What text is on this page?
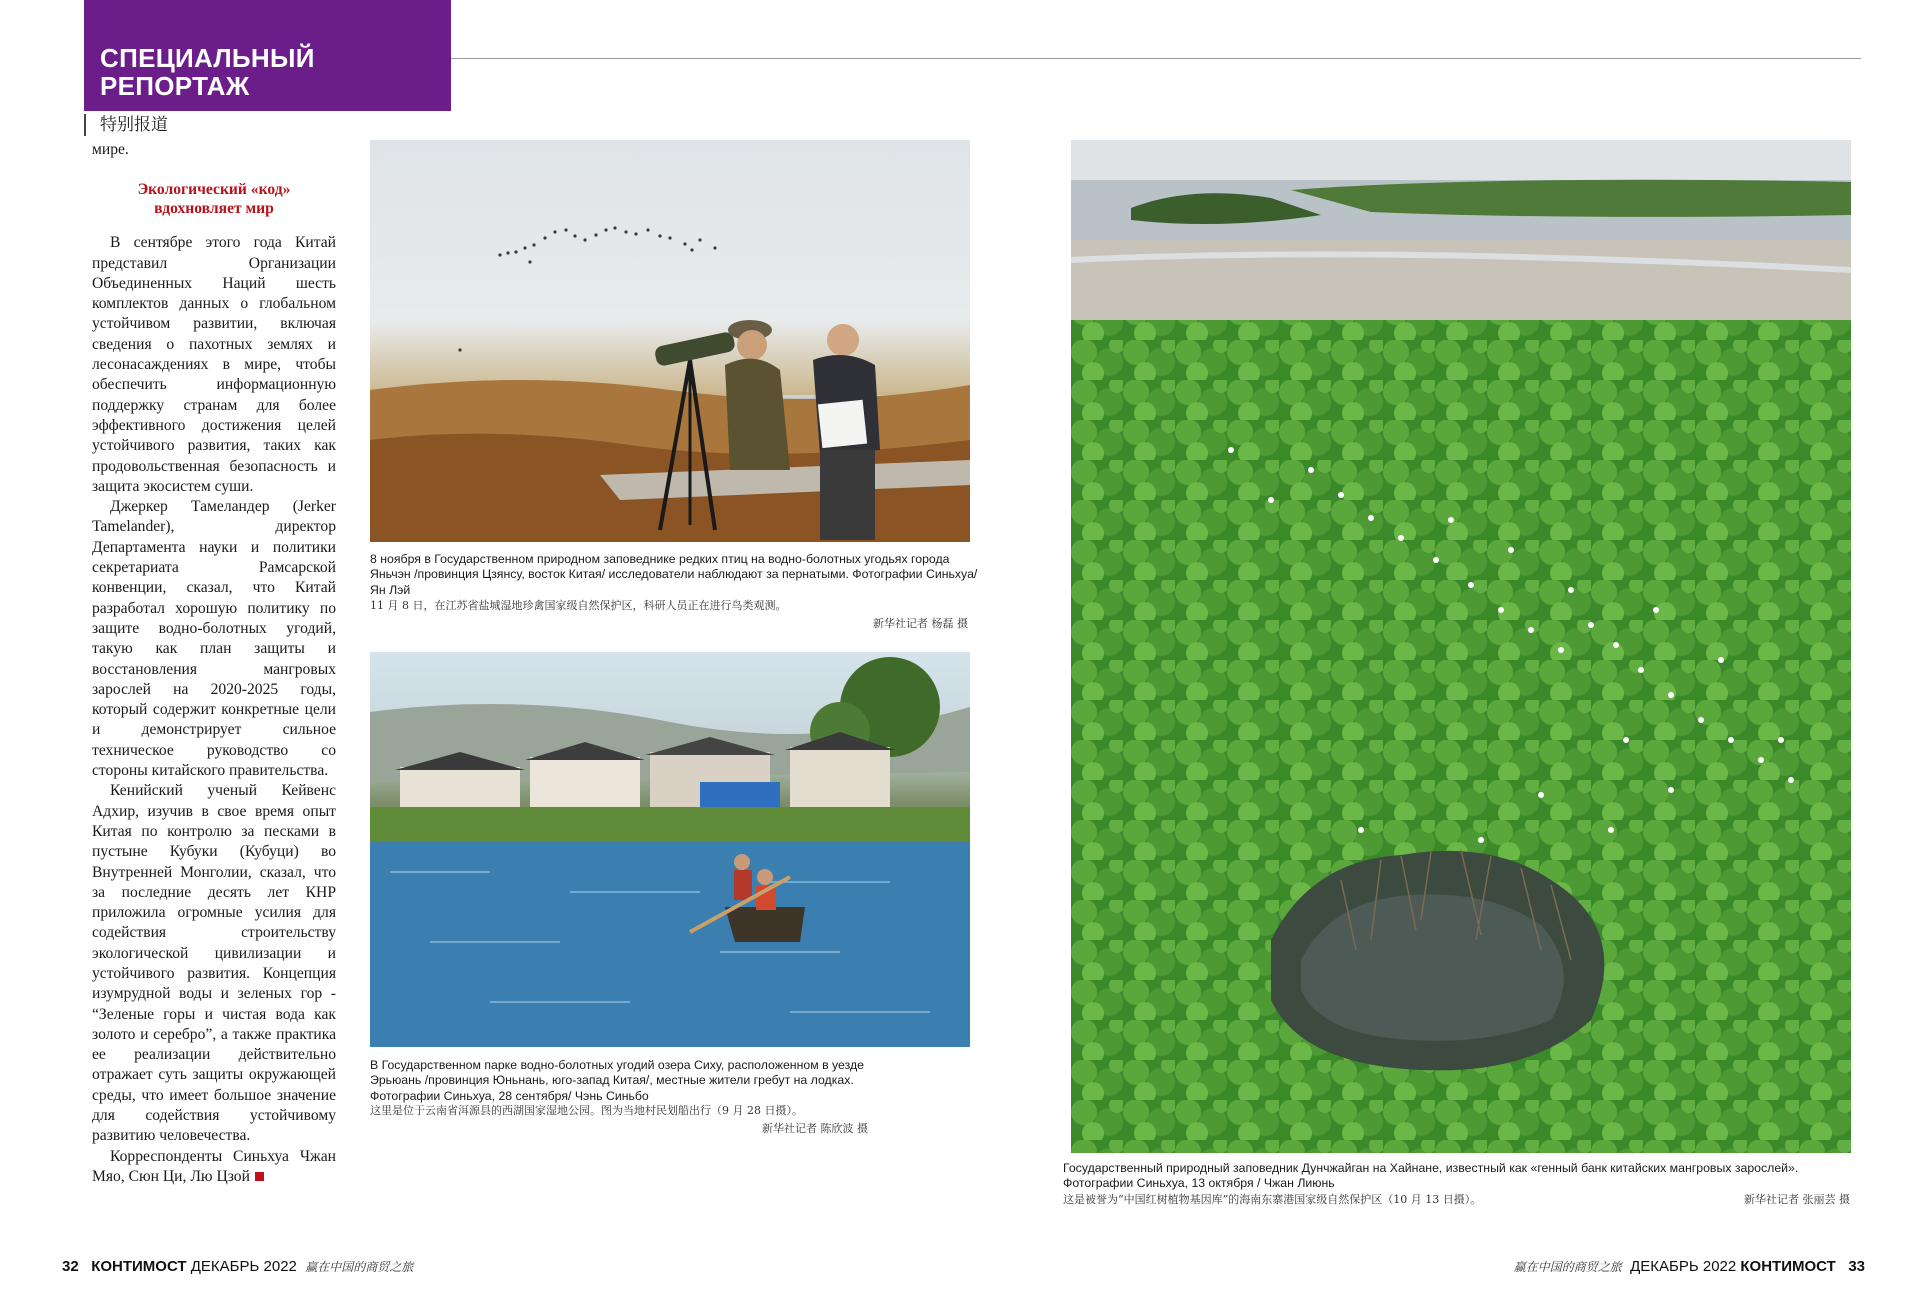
СПЕЦИАЛЬНЫЙ
РЕПОРТАЖ
特别报道

мире.

Экологический «код»
вдохновляет мир

В сентябре этого года Китай представил Организации Объединенных Наций шесть комплектов данных о глобальном устойчивом развитии, включая сведения о пахотных землях и лесонасаждениях в мире, чтобы обеспечить информационную поддержку странам для более эффективного достижения целей устойчивого развития, таких как продовольственная безопасность и защита экосистем суши.

Джеркер Тамеландер (Jerker Tamelander), директор Департамента науки и политики секретариата Рамсарской конвенции, сказал, что Китай разработал хорошую политику по защите водно-болотных угодий, такую как план защиты и восстановления мангровых зарослей на 2020-2025 годы, который содержит конкретные цели и демонстрирует сильное техническое руководство со стороны китайского правительства.

Кенийский ученый Кейвенс Адхир, изучив в свое время опыт Китая по контролю за песками в пустыне Кубуки (Кубуци) во Внутренней Монголии, сказал, что за последние десять лет КНР приложила огромные усилия для содействия строительству экологической цивилизации и устойчивого развития. Концепция изумрудной воды и зеленых гор - “Зеленые горы и чистая вода как золото и серебро”, а также практика ее реализации действительно отражает суть защиты окружающей среды, что имеет большое значение для содействия устойчивому развитию человечества.

Корреспонденты Синьхуа Чжан Мяо, Сюн Ци, Лю Цзой

8 ноября в Государственном природном заповеднике редких птиц на водно-болотных угодьях города Яньчэн /провинция Цзянсу, восток Китая/ исследователи наблюдают за пернатыми. Фотографии Синьхуа/ Ян Лэй
11 月 8 日，在江苏省盐城湿地珍禽国家级自然保护区，科研人员正在进行鸟类观测。
新华社记者 杨磊 摄
В Государственном парке водно-болотных угодий озера Сиху, расположенном в уезде Эрьюань /провинция Юньнань, юго-запад Китая/, местные жители гребут на лодках. Фотографии Синьхуа, 28 сентября/ Чэнь Синьбо
这里是位于云南省洱源县的西湖国家湿地公园。图为当地村民划船出行（9 月 28 日摄）。
新华社记者 陈欣波 摄
Государственный природный заповедник Дунчжайган на Хайнане, известный как «генный банк китайских мангровых зарослей». Фотографии Синьхуа, 13 октября / Чжан Лиюнь
这是被誉为“中国红树植物基因库”的海南东寨港国家级自然保护区（10 月 13 日摄）。	新华社记者 张丽芸 摄
32 КОНТИМОСТ ДЕКАБРЬ 2022 赢在中国的商贸之旅	赢在中国的商贸之旅 ДЕКАБРЬ 2022 КОНТИМОСТ 33
